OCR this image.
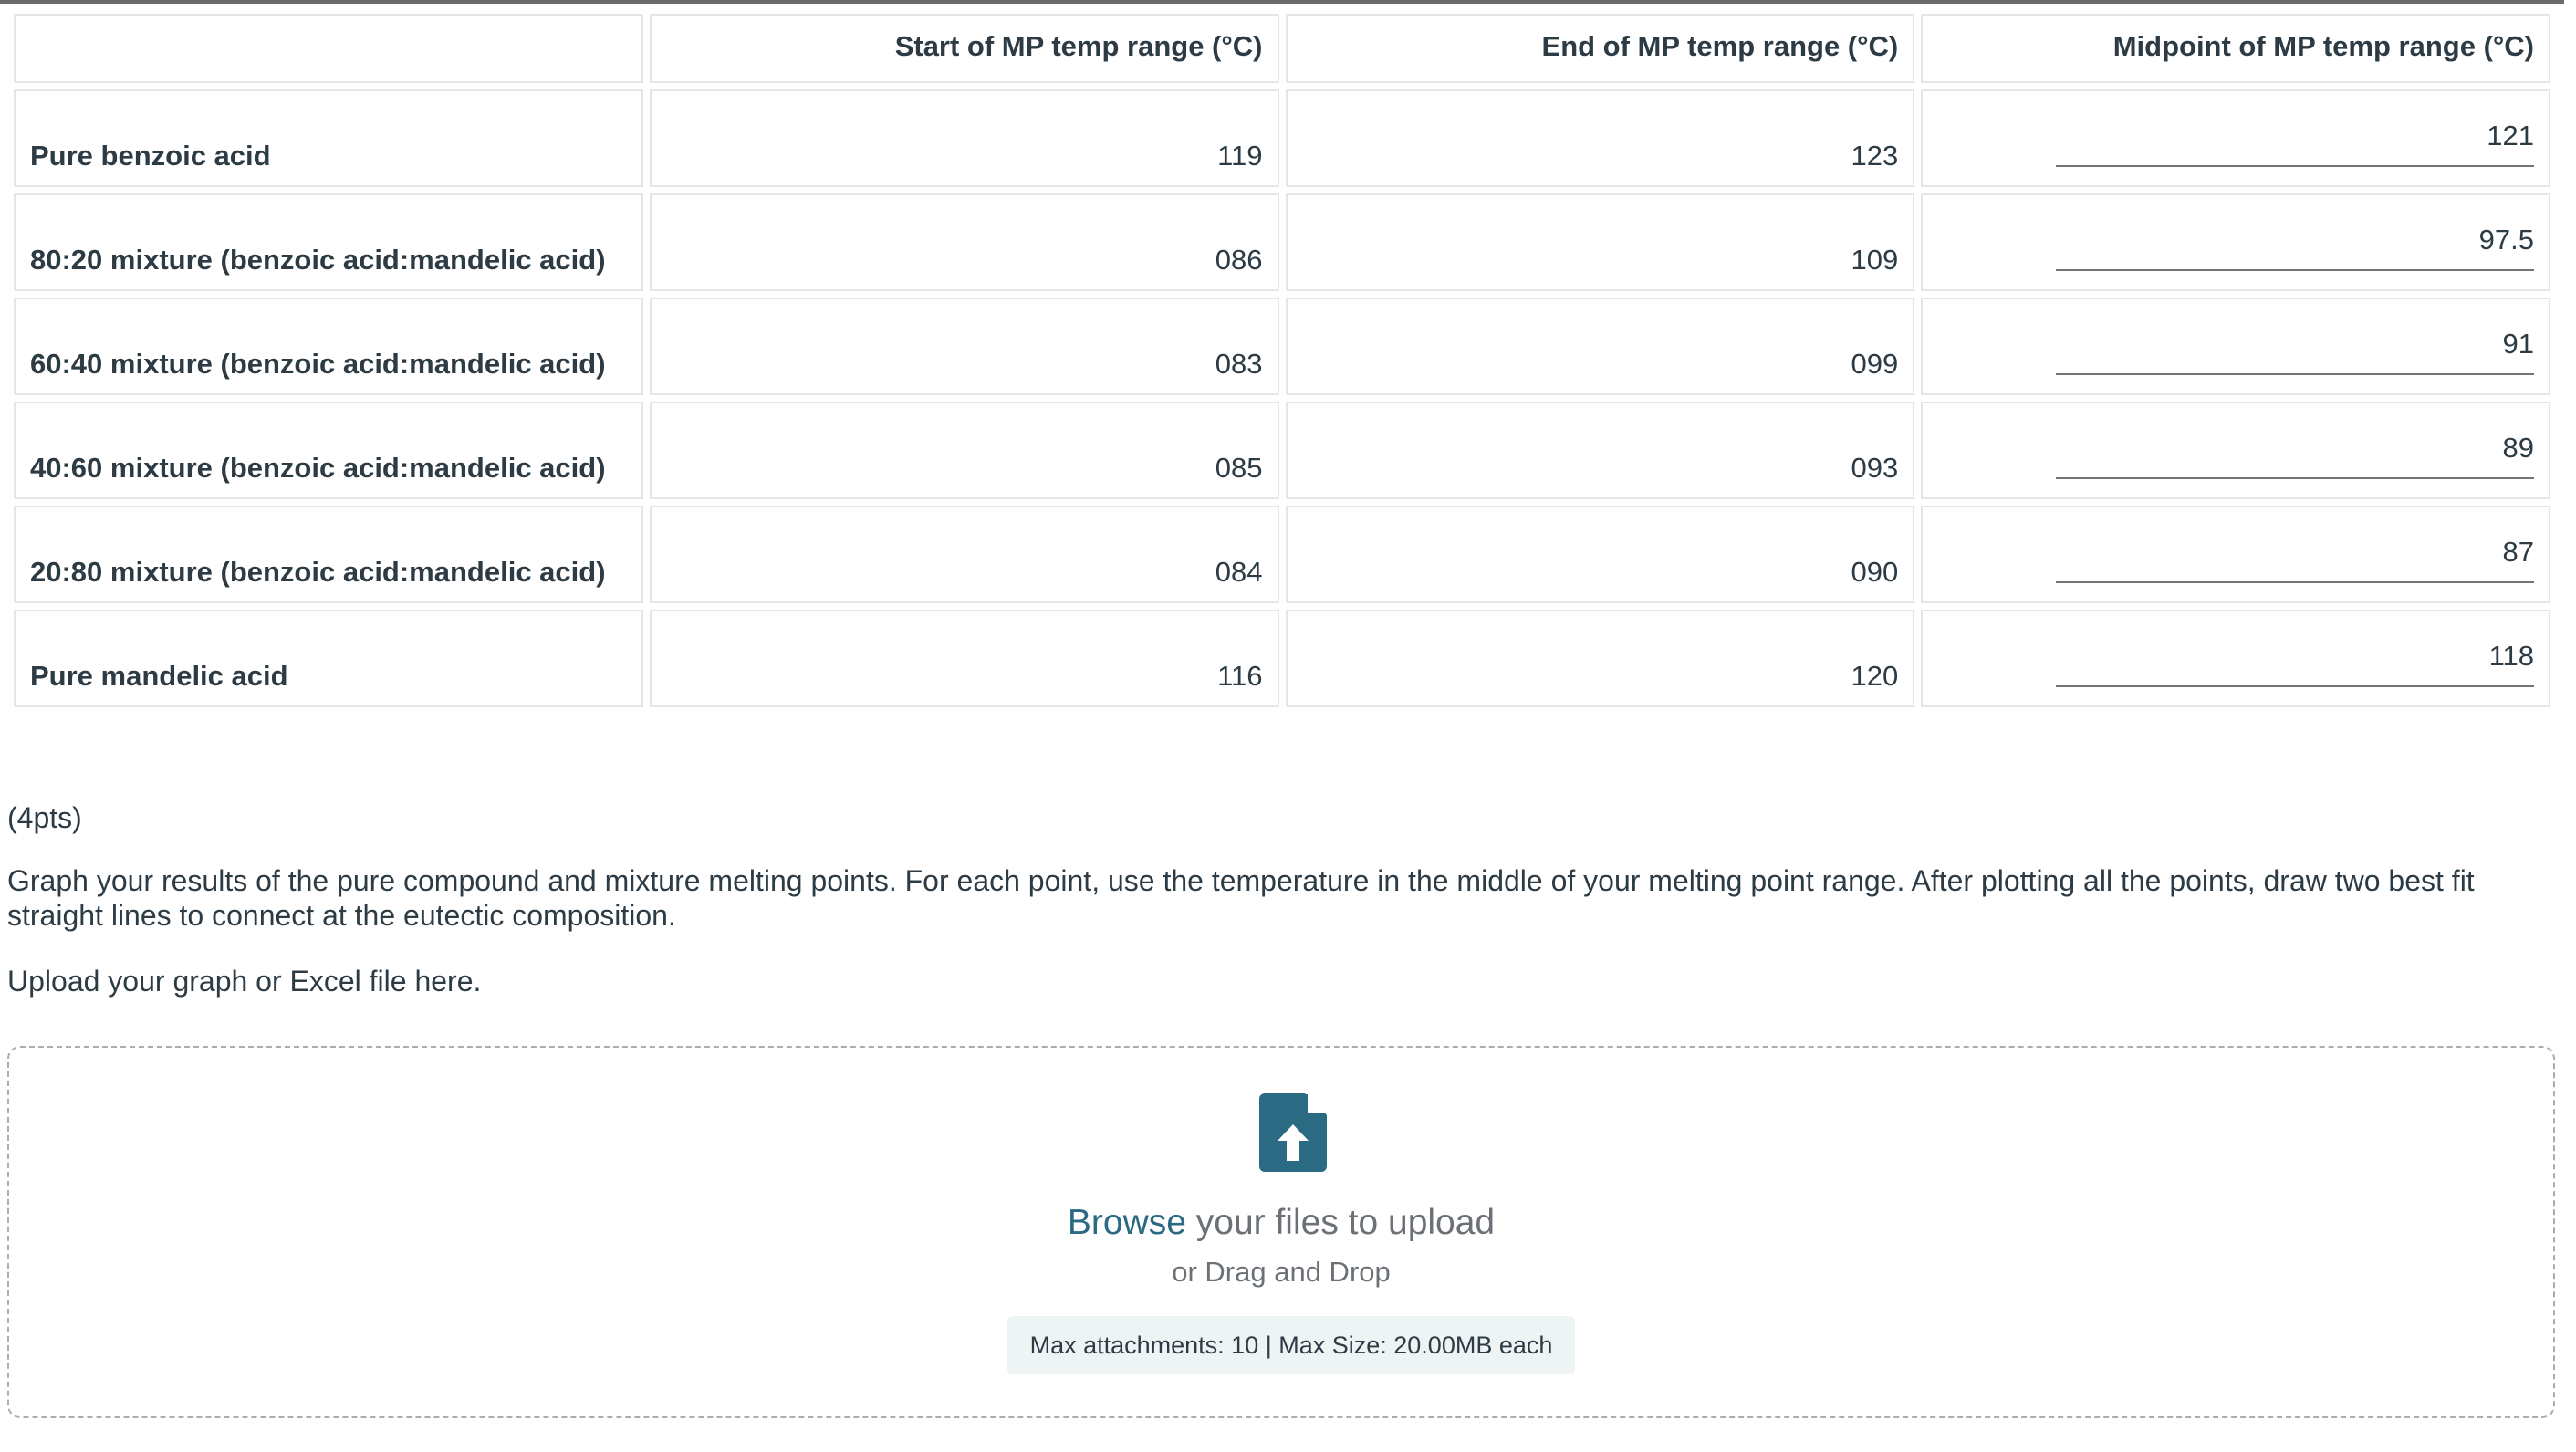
	Start of MP temp range (°C)	End of MP temp range (°C)	Midpoint of MP temp range (°C)
Pure benzoic acid	119	123	121
80:20 mixture (benzoic acid:mandelic acid)	086	109	97.5
60:40 mixture (benzoic acid:mandelic acid)	083	099	91
40:60 mixture (benzoic acid:mandelic acid)	085	093	89
20:80 mixture (benzoic acid:mandelic acid)	084	090	87
Pure mandelic acid	116	120	118
(4pts)
Graph your results of the pure compound and mixture melting points. For each point, use the temperature in the middle of your melting point range. After plotting all the points, draw two best fit straight lines to connect at the eutectic composition.
Upload your graph or Excel file here.
Browse your files to upload
or Drag and Drop
Max attachments: 10 | Max Size: 20.00MB each
